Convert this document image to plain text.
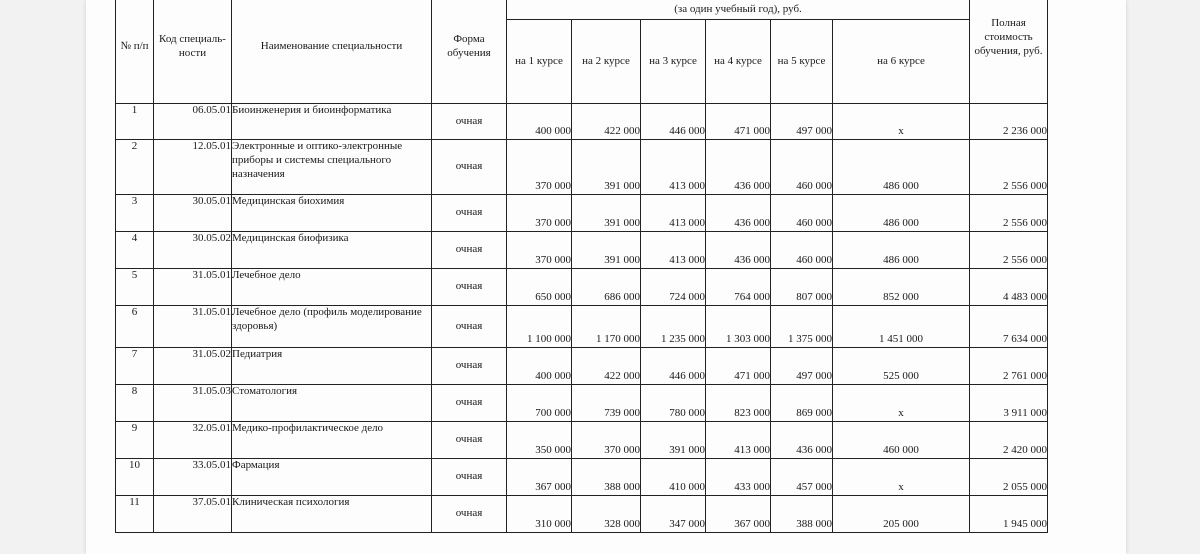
№ п/п	Код специаль-ности	Наименование специальности	Форма обучения	(за один учебный год), руб.						Полная стоимость обучения, руб.
				на 1 курсе	на 2 курсе	на 3 курсе	на 4 курсе	на 5 курсе	на 6 курсе	
1	06.05.01	Биоинженерия и биоинформатика	очная	400 000	422 000	446 000	471 000	497 000	x	2 236 000
2	12.05.01	Электронные и оптико-электронные приборы и системы специального назначения	очная	370 000	391 000	413 000	436 000	460 000	486 000	2 556 000
3	30.05.01	Медицинская биохимия	очная	370 000	391 000	413 000	436 000	460 000	486 000	2 556 000
4	30.05.02	Медицинская биофизика	очная	370 000	391 000	413 000	436 000	460 000	486 000	2 556 000
5	31.05.01	Лечебное дело	очная	650 000	686 000	724 000	764 000	807 000	852 000	4 483 000
6	31.05.01	Лечебное дело (профиль моделирование здоровья)	очная	1 100 000	1 170 000	1 235 000	1 303 000	1 375 000	1 451 000	7 634 000
7	31.05.02	Педиатрия	очная	400 000	422 000	446 000	471 000	497 000	525 000	2 761 000
8	31.05.03	Стоматология	очная	700 000	739 000	780 000	823 000	869 000	x	3 911 000
9	32.05.01	Медико-профилактическое дело	очная	350 000	370 000	391 000	413 000	436 000	460 000	2 420 000
10	33.05.01	Фармация	очная	367 000	388 000	410 000	433 000	457 000	x	2 055 000
11	37.05.01	Клиническая психология	очная	310 000	328 000	347 000	367 000	388 000	205 000	1 945 000
